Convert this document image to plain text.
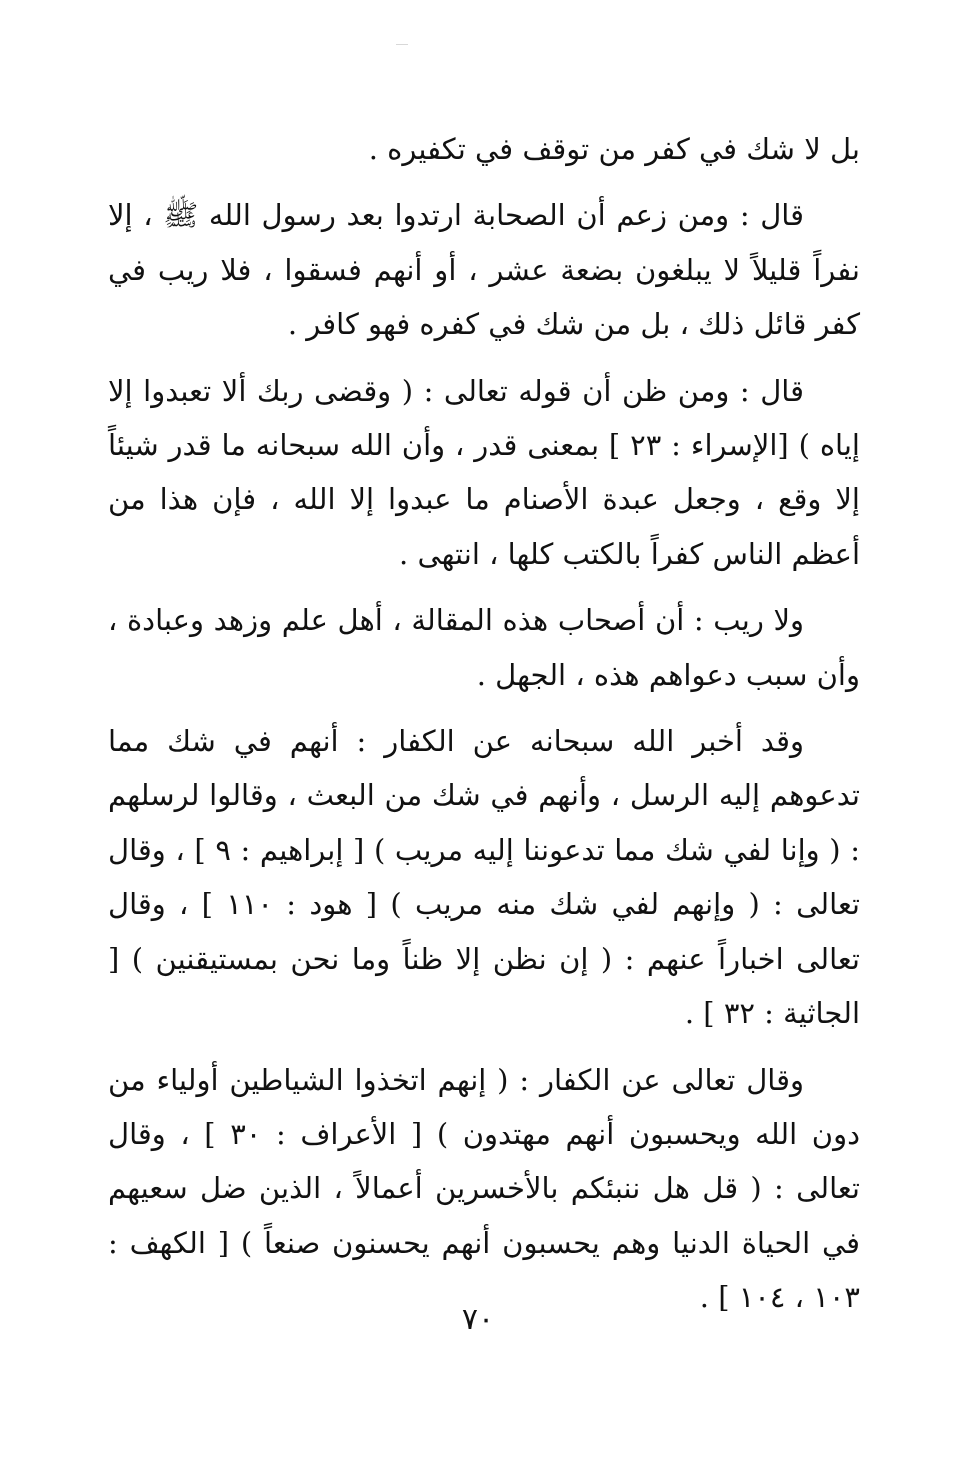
بل لا شك في كفر من توقف في تكفيره .

قال : ومن زعم أن الصحابة ارتدوا بعد رسول الله ﷺ ، إلا نفراً قليلاً لا يبلغون بضعة عشر ، أو أنهم فسقوا ، فلا ريب في كفر قائل ذلك ، بل من شك في كفره فهو كافر .

قال : ومن ظن أن قوله تعالى : ( وقضى ربك ألا تعبدوا إلا إياه ) [الإسراء : ٢٣ ] بمعنى قدر ، وأن الله سبحانه ما قدر شيئاً إلا وقع ، وجعل عبدة الأصنام ما عبدوا إلا الله ، فإن هذا من أعظم الناس كفراً بالكتب كلها ، انتهى .

ولا ريب : أن أصحاب هذه المقالة ، أهل علم وزهد وعبادة ، وأن سبب دعواهم هذه ، الجهل .

وقد أخبر الله سبحانه عن الكفار : أنهم في شك مما تدعوهم إليه الرسل ، وأنهم في شك من البعث ، وقالوا لرسلهم : ( وإنا لفي شك مما تدعوننا إليه مريب ) [ إبراهيم : ٩ ] ، وقال تعالى : ( وإنهم لفي شك منه مريب ) [ هود : ١١٠ ] ، وقال تعالى اخباراً عنهم : ( إن نظن إلا ظناً وما نحن بمستيقنين ) [ الجاثية : ٣٢ ] .

وقال تعالى عن الكفار : ( إنهم اتخذوا الشياطين أولياء من دون الله ويحسبون أنهم مهتدون ) [ الأعراف : ٣٠ ] ، وقال تعالى : ( قل هل ننبئكم بالأخسرين أعمالاً ، الذين ضل سعيهم في الحياة الدنيا وهم يحسبون أنهم يحسنون صنعاً ) [ الكهف : ١٠٣ ، ١٠٤ ] .

٧٠
